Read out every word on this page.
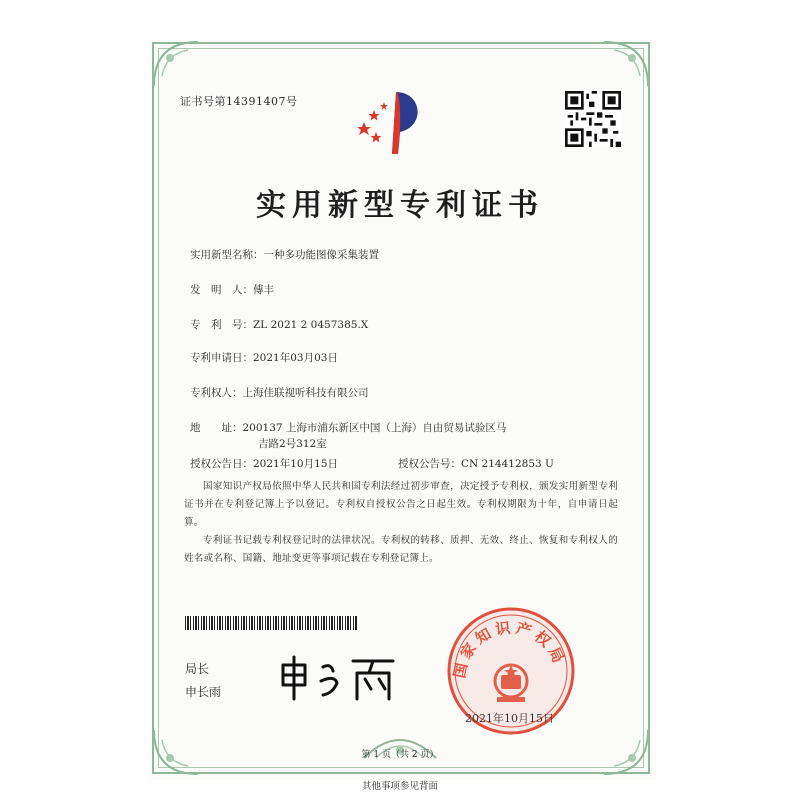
证书号第14391407号
实用新型专利证书
实用新型名称：一种多功能图像采集装置
发　明　人：傅丰
专　利　号：ZL 2021 2 0457385.X
专利申请日：2021年03月03日
专利权人：上海佳联视听科技有限公司
地　　址：200137 上海市浦东新区中国（上海）自由贸易试验区马
吉路2号312室
授权公告日：2021年10月15日	授权公告号：CN 214412853 U
国家知识产权局依照中华人民共和国专利法经过初步审查，决定授予专利权，颁发实用新型专利证书并在专利登记簿上予以登记。专利权自授权公告之日起生效。专利权期限为十年，自申请日起算。
专利证书记载专利权登记时的法律状况。专利权的转移、质押、无效、终止、恢复和专利权人的姓名或名称、国籍、地址变更等事项记载在专利登记簿上。
局长
申长雨
国家知识产权局
2021年10月15日
第 1 页（共 2 页）
其他事项参见背面
